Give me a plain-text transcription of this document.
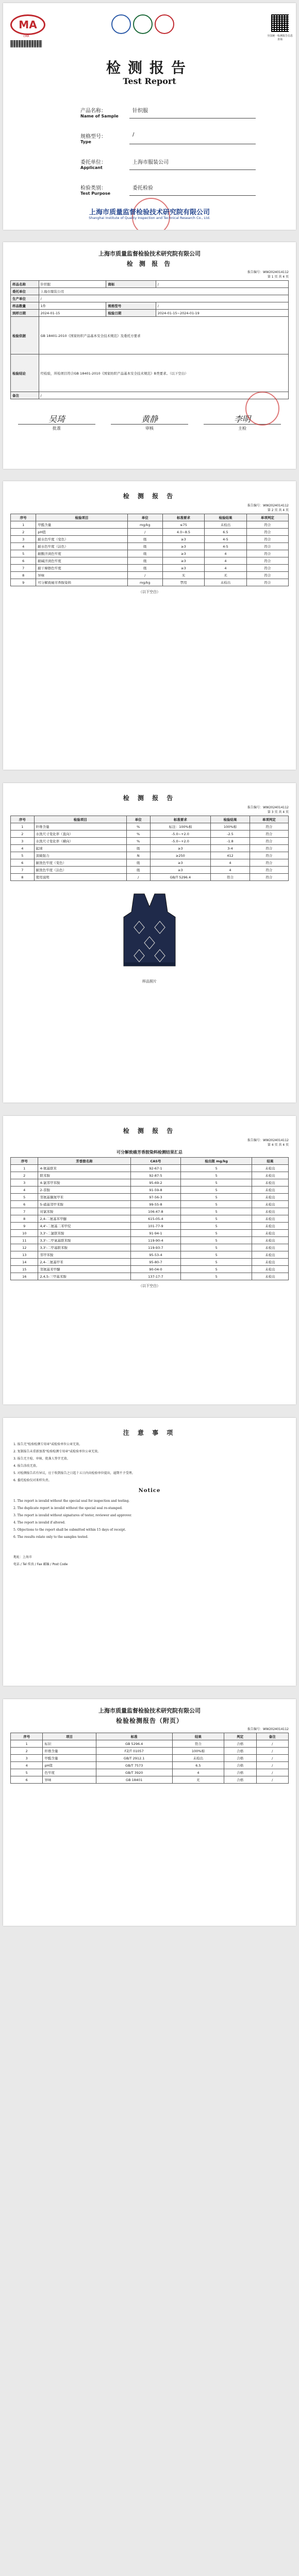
MA
CMA	全国统一检测报告信息查询
检测报告
Test Report
产品名称：
Name of Sample
针织服
规格型号：
Type
/
委托单位：
Applicant
上海市服装公司
检验类别：
Test Purpose
委托检验
上海市质量监督检验技术研究院有限公司
Shanghai Institute of Quality Inspection and Technical Research Co., Ltd.
上海市质量监督检验技术研究院有限公司
检 测 报 告
报告编号：WW2024014112
第 1 页 共 4 页
样品名称	针织服	商标	/
委托单位	上海市服装公司		
生产单位	/		
样品数量	1件	规格型号	/
到样日期	2024-01-15	检验日期	2024-01-15~2024-01-19
检验依据	GB 18401-2010《国家纺织产品基本安全技术规范》及委托方要求		
检验结论	经检验，所检项目符合GB 18401-2010《国家纺织产品基本安全技术规范》B类要求。（以下空白）		
备注	/		
吴琦
批准
黄静
审核
李明
主检
检 测 报 告
报告编号：WW2024014112
第 2 页 共 4 页
序号	检验项目	单位	标准要求	检验结果	单项判定
1	甲醛含量	mg/kg	≤75	未检出	符合
2	pH值	/	4.0~8.5	6.5	符合
3	耐水色牢度（变色）	级	≥3	4-5	符合
4	耐水色牢度（沾色）	级	≥3	4-5	符合
5	耐酸汗渍色牢度	级	≥3	4	符合
6	耐碱汗渍色牢度	级	≥3	4	符合
7	耐干摩擦色牢度	级	≥3	4	符合
8	异味	/	无	无	符合
9	可分解致癌芳香胺染料	mg/kg	禁用	未检出	符合
（以下空白）
检 测 报 告
报告编号：WW2024014112
第 3 页 共 4 页
序号	检验项目	单位	标准要求	检验结果	单项判定
1	纤维含量	%	标注：100%棉	100%棉	符合
2	水洗尺寸变化率（直向）	%	-5.0~+2.0	-2.5	符合
3	水洗尺寸变化率（横向）	%	-5.0~+2.0	-1.8	符合
4	起球	级	≥3	3-4	符合
5	顶破强力	N	≥250	412	符合
6	耐洗色牢度（变色）	级	≥3	4	符合
7	耐洗色牢度（沾色）	级	≥3	4	符合
8	使用说明	/	GB/T 5296.4	符合	符合
样品照片
检 测 报 告
报告编号：WW2024014112
第 4 页 共 4 页
可分解致癌芳香胺染料检测结果汇总
序号	芳香胺名称	CAS号	检出限 mg/kg	结果
1	4-氨基联苯	92-67-1	5	未检出
2	联苯胺	92-87-5	5	未检出
3	4-氯邻甲苯胺	95-69-2	5	未检出
4	2-萘胺	91-59-8	5	未检出
5	邻氨基偶氮甲苯	97-56-3	5	未检出
6	5-硝基邻甲苯胺	99-55-8	5	未检出
7	对氯苯胺	106-47-8	5	未检出
8	2,4-二氨基苯甲醚	615-05-4	5	未检出
9	4,4'-二氨基二苯甲烷	101-77-9	5	未检出
10	3,3'-二氯联苯胺	91-94-1	5	未检出
11	3,3'-二甲氧基联苯胺	119-90-4	5	未检出
12	3,3'-二甲基联苯胺	119-93-7	5	未检出
13	邻甲苯胺	95-53-4	5	未检出
14	2,4-二氨基甲苯	95-80-7	5	未检出
15	邻氨基苯甲醚	90-04-0	5	未检出
16	2,4,5-三甲基苯胺	137-17-7	5	未检出
（以下空白）
注 意 事 项

1. 报告无"检验检测专用章"或检验单位公章无效。

2. 复制报告未重新加盖"检验检测专用章"或检验单位公章无效。

3. 报告无主检、审核、批准人签字无效。

4. 报告涂改无效。

5. 对检测报告若有异议，应于收到报告之日起十五日内向检验单位提出，逾期不予受理。

6. 委托检验仅对来样负责。

Notice

1. The report is invalid without the special seal for inspection and testing.

2. The duplicate report is invalid without the special seal re-stamped.

3. The report is invalid without signatures of tester, reviewer and approver.

4. The report is invalid if altered.

5. Objections to the report shall be submitted within 15 days of receipt.

6. The results relate only to the samples tested.

地址：上海市

电话 / Tel 传真 / Fax 邮编 / Post Code

上海市质量监督检验技术研究院有限公司
检验检测报告（附页）
报告编号：WW2024014112
序号	项目	标准	结果	判定	备注
1	标识	GB 5296.4	符合	合格	/
2	纤维含量	FZ/T 01057	100%棉	合格	/
3	甲醛含量	GB/T 2912.1	未检出	合格	/
4	pH值	GB/T 7573	6.5	合格	/
5	色牢度	GB/T 3920	4	合格	/
6	异味	GB 18401	无	合格	/
